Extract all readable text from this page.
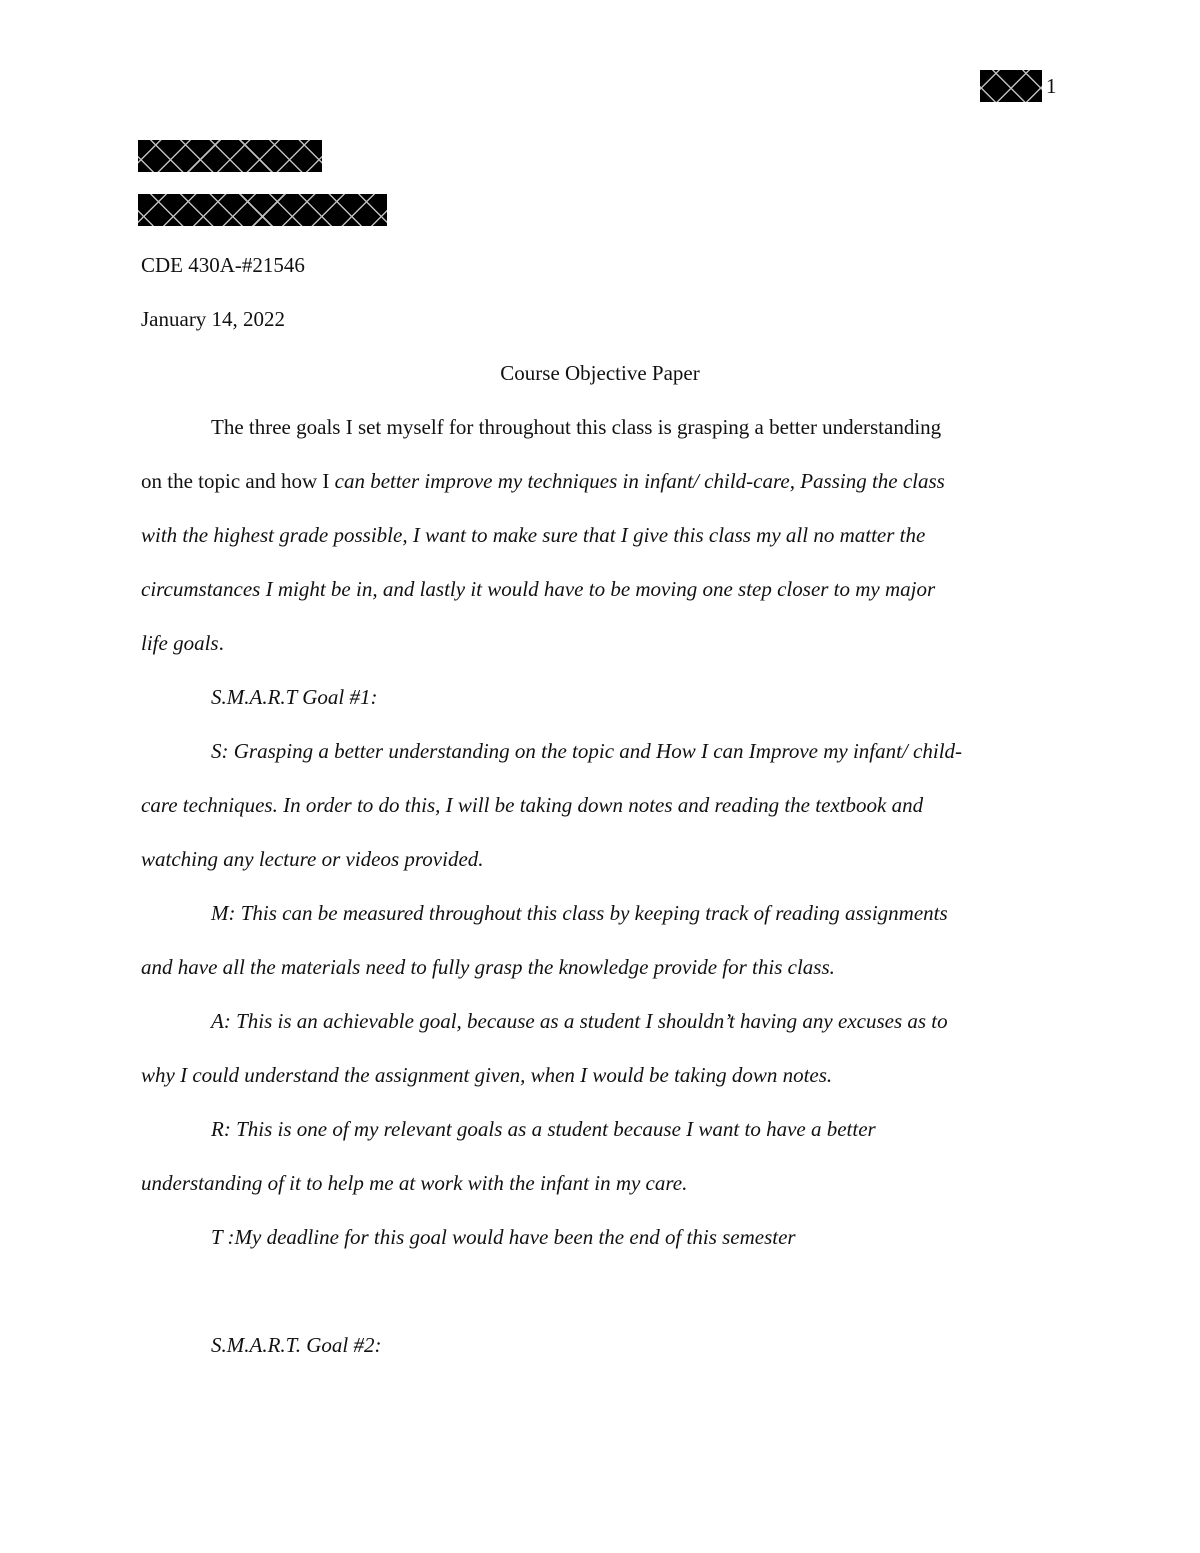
1
CDE 430A-#21546
January 14, 2022
Course Objective Paper
The three goals I set myself for throughout this class is grasping a better understanding
on the topic and how I can better improve my techniques in infant/ child-care, Passing the class
with the highest grade possible, I want to make sure that I give this class my all no matter the
circumstances I might be in, and lastly it would have to be moving one step closer to my major
life goals.
S.M.A.R.T Goal #1:
S: Grasping a better understanding on the topic and How I can Improve my infant/ child-
care techniques. In order to do this, I will be taking down notes and reading the textbook and
watching any lecture or videos provided.
M: This can be measured throughout this class by keeping track of reading assignments
and have all the materials need to fully grasp the knowledge provide for this class.
A: This is an achievable goal, because as a student I shouldn’t having any excuses as to
why I could understand the assignment given, when I would be taking down notes.
R: This is one of my relevant goals as a student because I want to have a better
understanding of it to help me at work with the infant in my care.
T :My deadline for this goal would have been the end of this semester
S.M.A.R.T. Goal #2:
